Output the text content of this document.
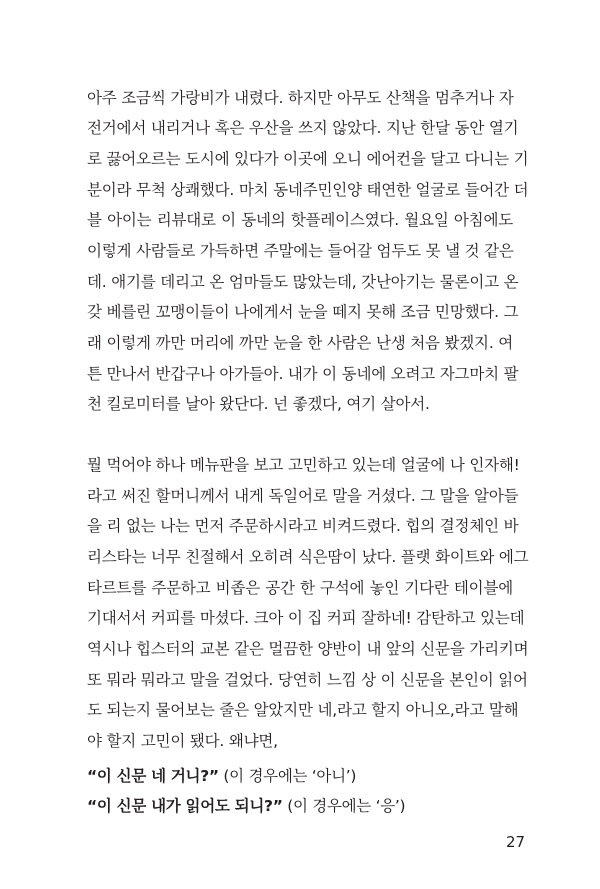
아주 조금씩 가랑비가 내렸다. 하지만 아무도 산책을 멈추거나 자
전거에서 내리거나 혹은 우산을 쓰지 않았다. 지난 한달 동안 열기
로 끓어오르는 도시에 있다가 이곳에 오니 에어컨을 달고 다니는 기
분이라 무척 상쾌했다. 마치 동네주민인양 태연한 얼굴로 들어간 더
블 아이는 리뷰대로 이 동네의 핫플레이스였다. 월요일 아침에도
이렇게 사람들로 가득하면 주말에는 들어갈 엄두도 못 낼 것 같은
데. 애기를 데리고 온 엄마들도 많았는데, 갓난아기는 물론이고 온
갖 베를린 꼬맹이들이 나에게서 눈을 떼지 못해 조금 민망했다. 그
래 이렇게 까만 머리에 까만 눈을 한 사람은 난생 처음 봤겠지. 여
튼 만나서 반갑구나 아가들아. 내가 이 동네에 오려고 자그마치 팔
천 킬로미터를 날아 왔단다. 넌 좋겠다, 여기 살아서.
뭘 먹어야 하나 메뉴판을 보고 고민하고 있는데 얼굴에 나 인자해!
라고 써진 할머니께서 내게 독일어로 말을 거셨다. 그 말을 알아들
을 리 없는 나는 먼저 주문하시라고 비켜드렸다. 힙의 결정체인 바
리스타는 너무 친절해서 오히려 식은땀이 났다. 플랫 화이트와 에그
타르트를 주문하고 비좁은 공간 한 구석에 놓인 기다란 테이블에
기대서서 커피를 마셨다. 크아 이 집 커피 잘하네! 감탄하고 있는데
역시나 힙스터의 교본 같은 멀끔한 양반이 내 앞의 신문을 가리키며
또 뭐라 뭐라고 말을 걸었다. 당연히 느낌 상 이 신문을 본인이 읽어
도 되는지 물어보는 줄은 알았지만 네,라고 할지 아니오,라고 말해
야 할지 고민이 됐다. 왜냐면,
“이 신문 네 거니?” (이 경우에는 ‘아니’)
“이 신문 내가 읽어도 되니?” (이 경우에는 ‘응’)
27
